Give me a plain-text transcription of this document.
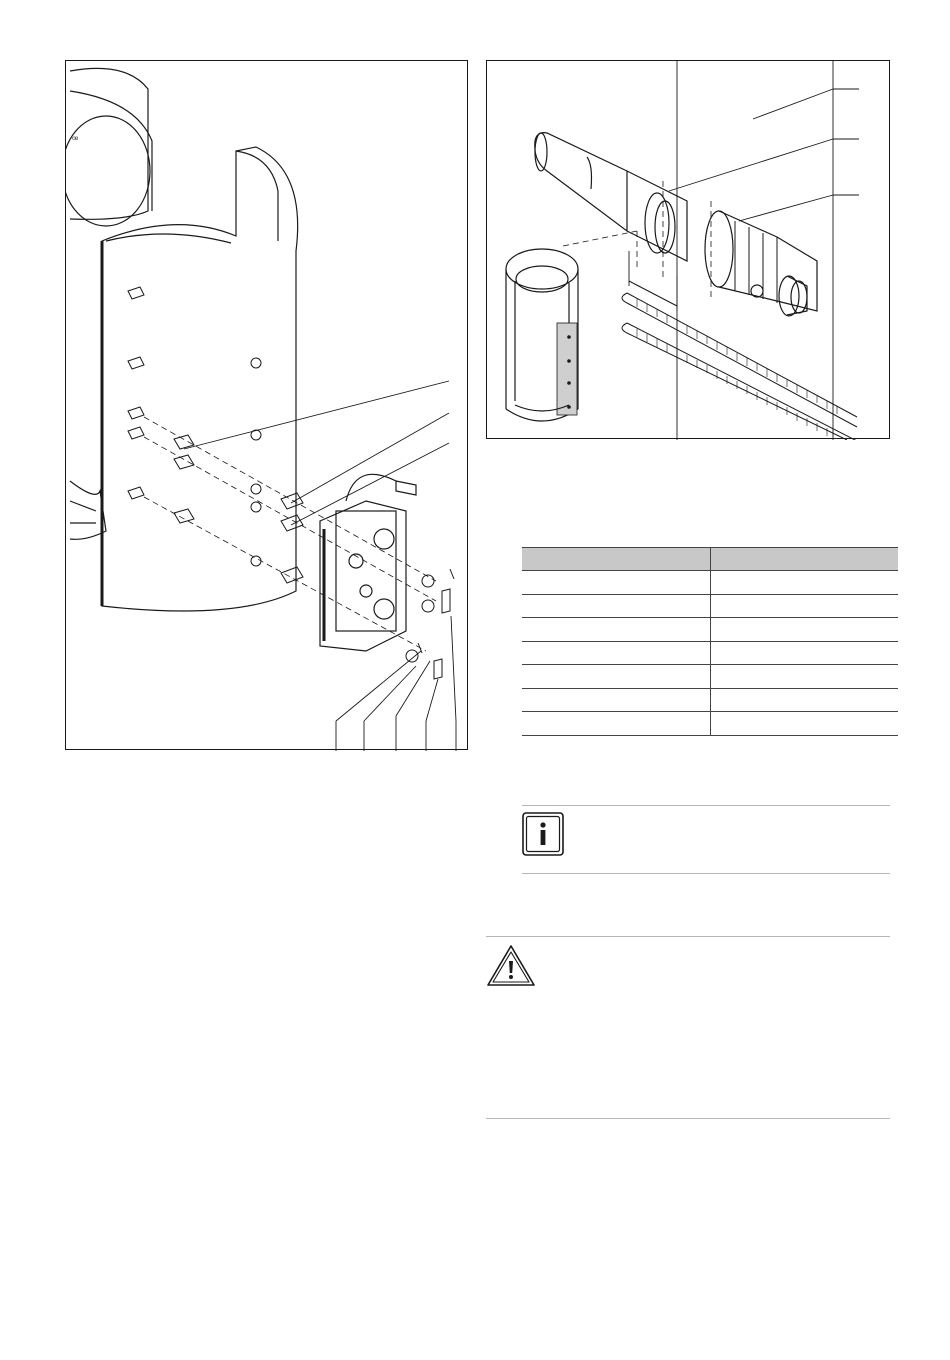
ꟹ
